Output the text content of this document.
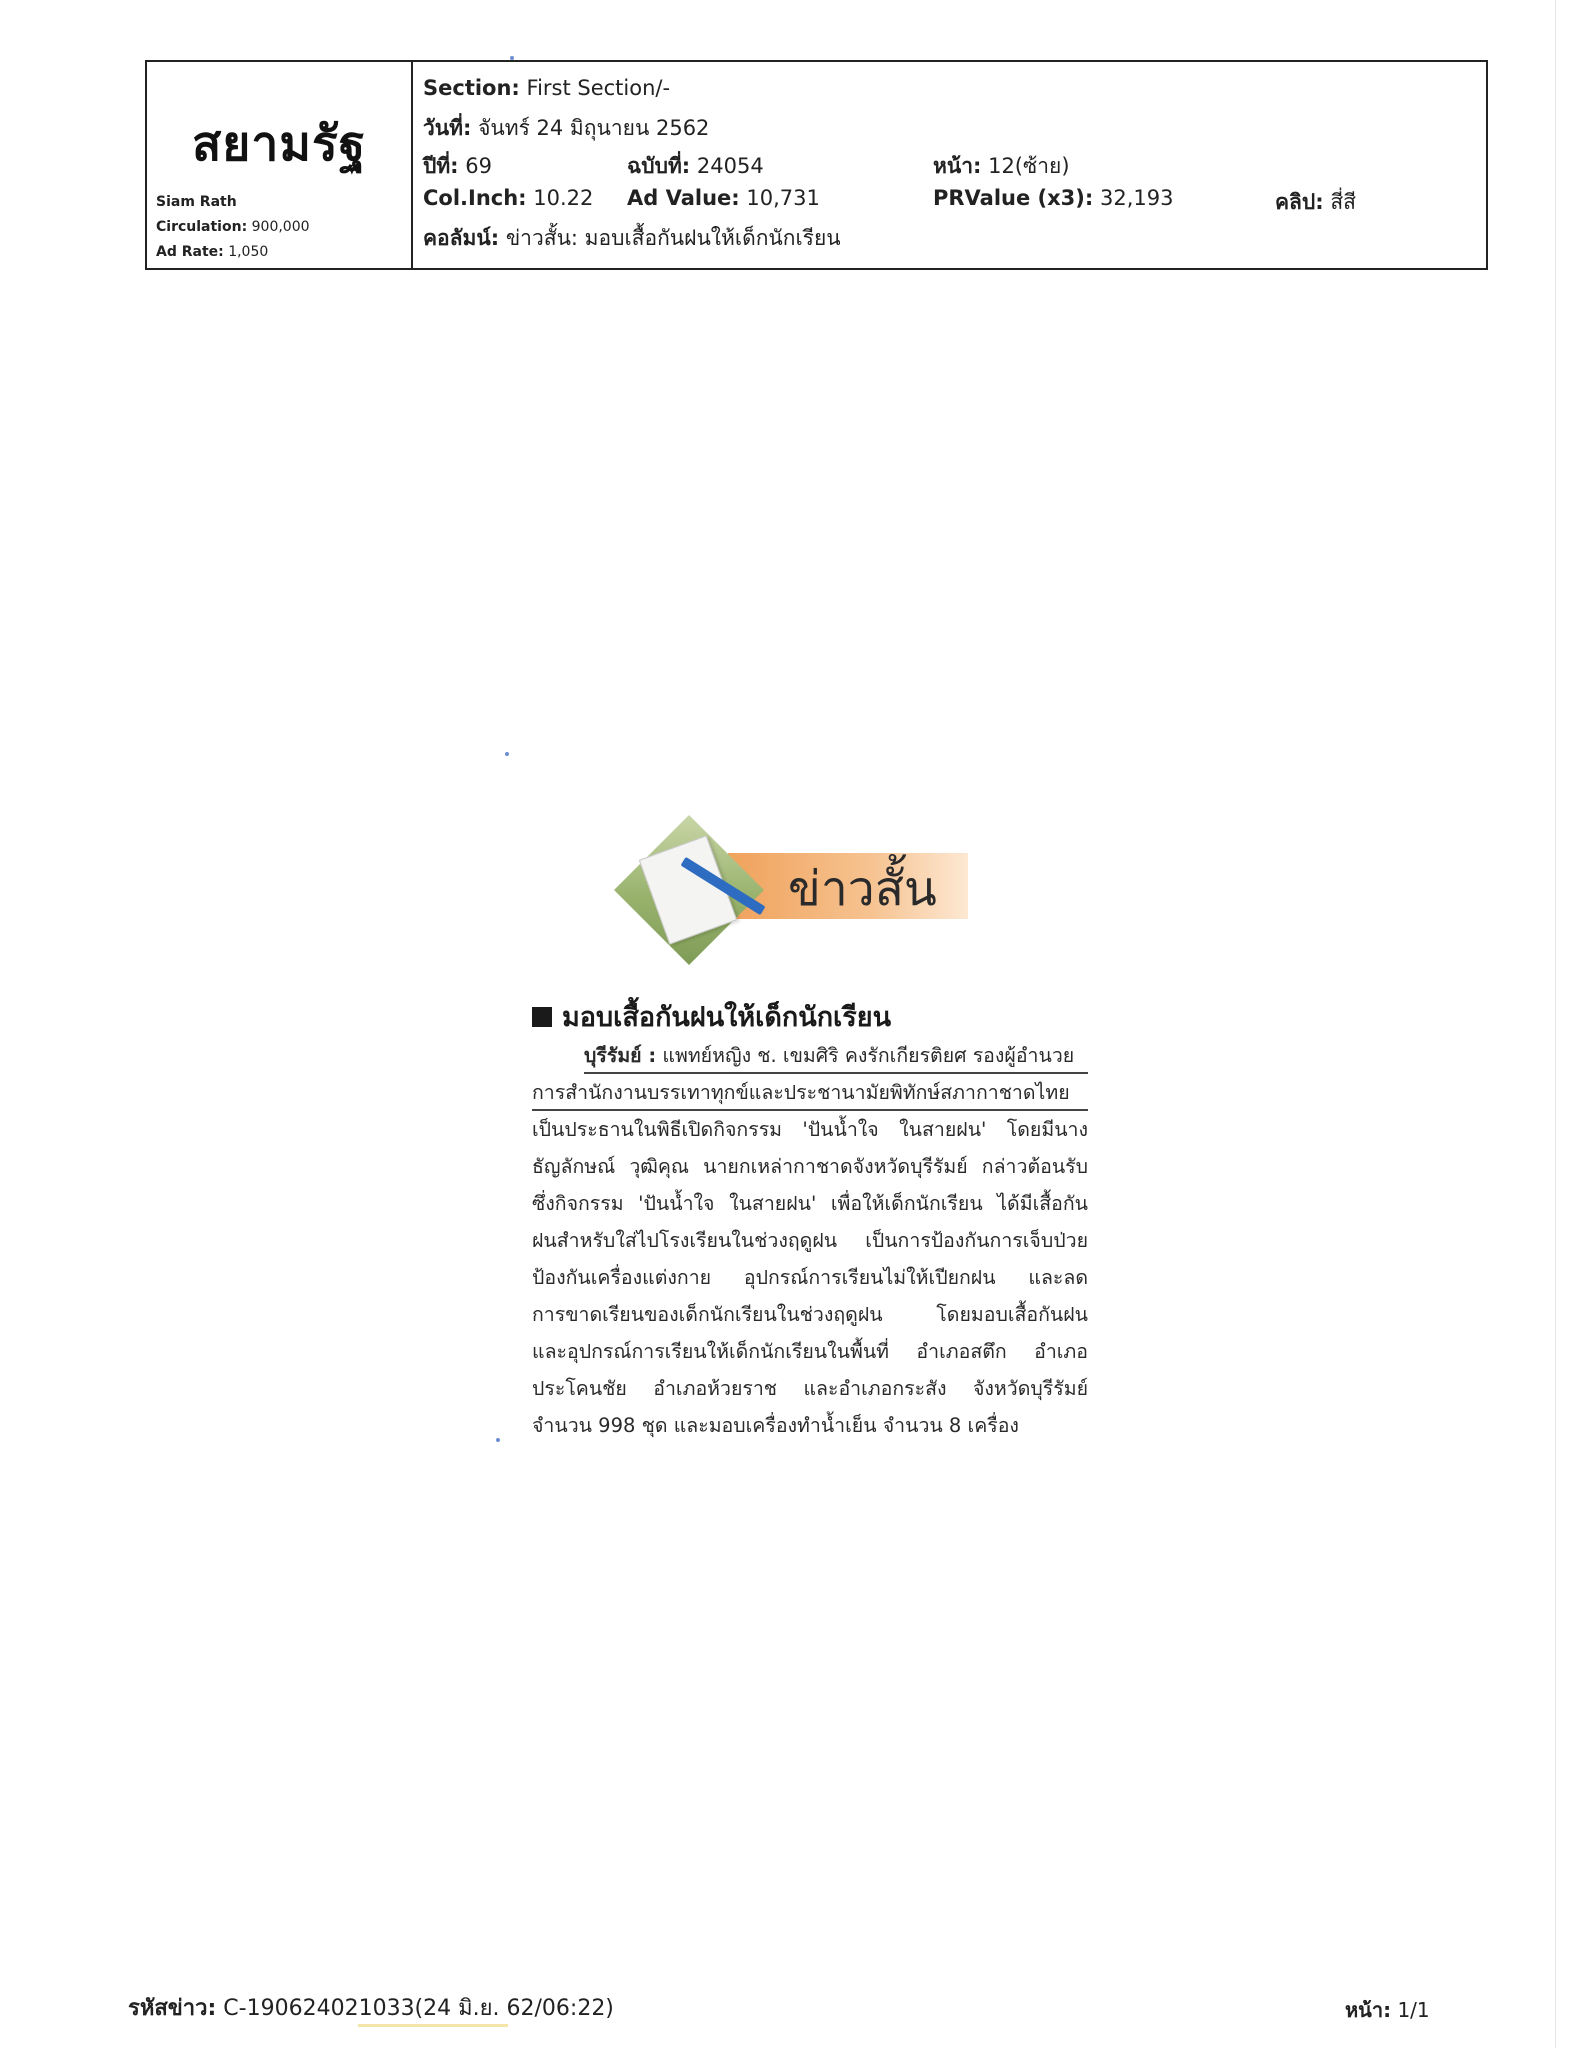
สยามรัฐ
Siam Rath
Circulation: 900,000
Ad Rate: 1,050
Section: First Section/-
วันที่: จันทร์ 24 มิถุนายน 2562
ปีที่: 69	ฉบับที่: 24054	หน้า: 12(ซ้าย)
Col.Inch: 10.22 Ad Value: 10,731	PRValue (x3): 32,193	คลิป: สี่สี
คอลัมน์: ข่าวสั้น: มอบเสื้อกันฝนให้เด็กนักเรียน
ข่าวสั้น
มอบเสื้อกันฝนให้เด็กนักเรียน
บุรีรัมย์ : แพทย์หญิง ช. เขมศิริ คงรักเกียรติยศ รองผู้อำนวย
การสำนักงานบรรเทาทุกข์และประชานามัยพิทักษ์สภากาชาดไทย
เป็นประธานในพิธีเปิดกิจกรรม 'ปันน้ำใจ ในสายฝน' โดยมีนาง
ธัญลักษณ์ วุฒิคุณ นายกเหล่ากาชาดจังหวัดบุรีรัมย์ กล่าวต้อนรับ
ซึ่งกิจกรรม 'ปันน้ำใจ ในสายฝน' เพื่อให้เด็กนักเรียน ได้มีเสื้อกัน
ฝนสำหรับใส่ไปโรงเรียนในช่วงฤดูฝน เป็นการป้องกันการเจ็บป่วย
ป้องกันเครื่องแต่งกาย อุปกรณ์การเรียนไม่ให้เปียกฝน และลด
การขาดเรียนของเด็กนักเรียนในช่วงฤดูฝน โดยมอบเสื้อกันฝน
และอุปกรณ์การเรียนให้เด็กนักเรียนในพื้นที่ อำเภอสตึก อำเภอ
ประโคนชัย อำเภอห้วยราช และอำเภอกระสัง จังหวัดบุรีรัมย์
จำนวน 998 ชุด และมอบเครื่องทำน้ำเย็น จำนวน 8 เครื่อง
รหัสข่าว: C-190624021033(24 มิ.ย. 62/06:22)	หน้า: 1/1
